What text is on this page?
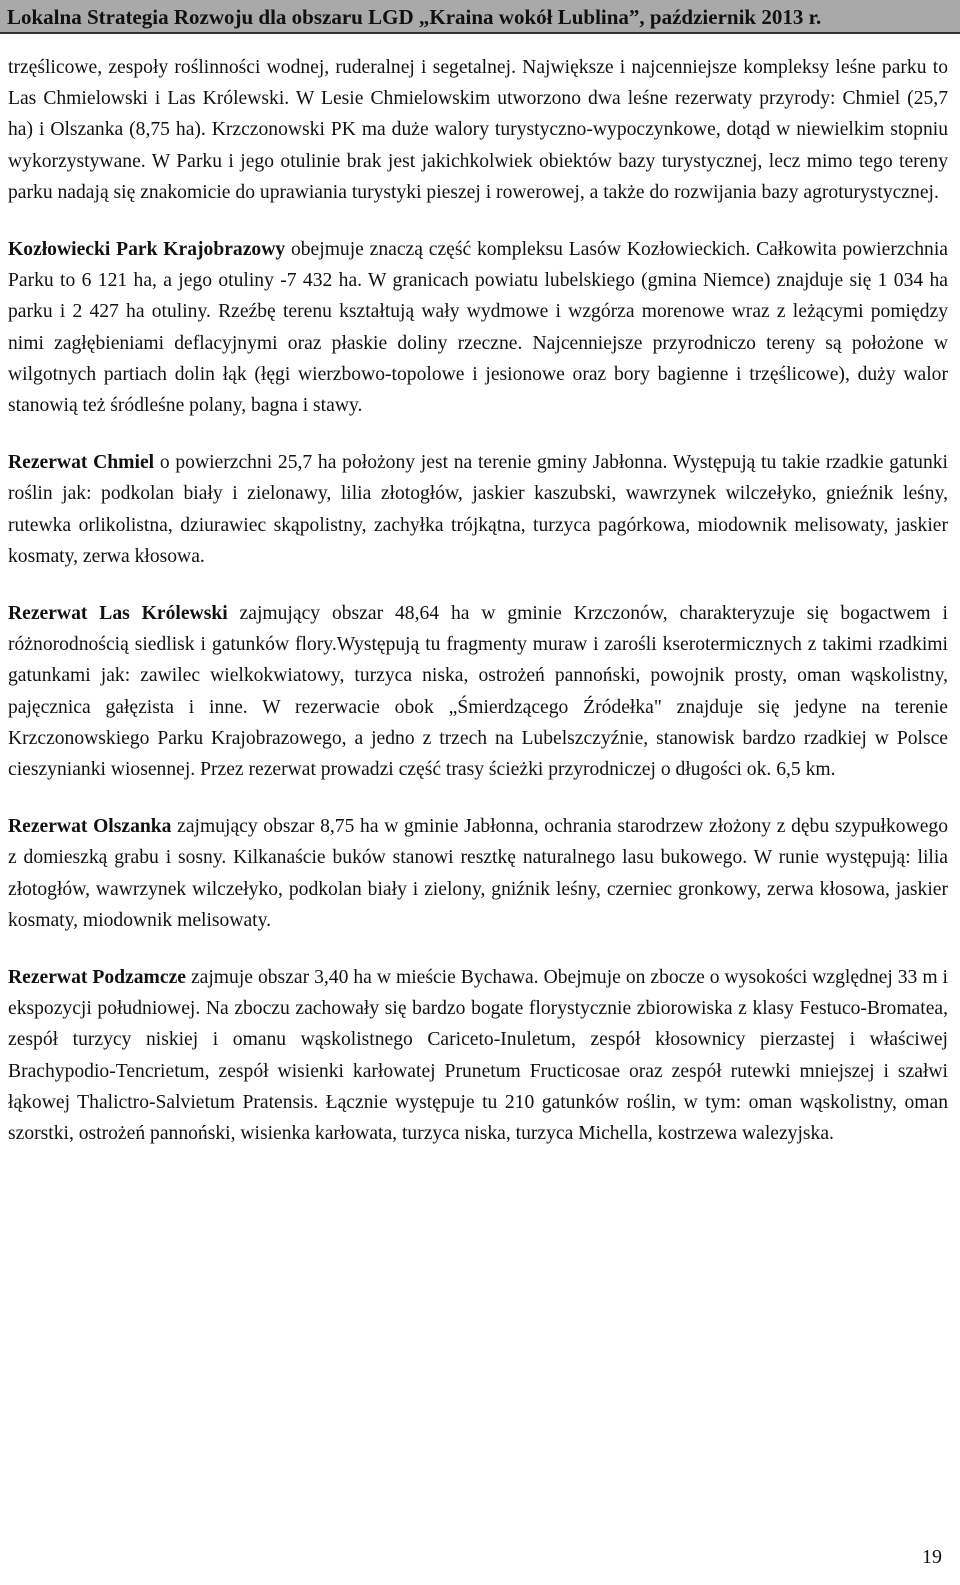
Lokalna Strategia Rozwoju dla obszaru LGD „Kraina wokół Lublina”, październik 2013 r.

trzęślicowe, zespoły roślinności wodnej, ruderalnej i segetalnej. Największe i najcenniejsze kompleksy leśne parku to Las Chmielowski i Las Królewski. W Lesie Chmielowskim utworzono dwa leśne rezerwaty przyrody: Chmiel (25,7 ha) i Olszanka (8,75 ha). Krzczonowski PK ma duże walory turystyczno-wypoczynkowe, dotąd w niewielkim stopniu wykorzystywane. W Parku i jego otulinie brak jest jakichkolwiek obiektów bazy turystycznej, lecz mimo tego tereny parku nadają się znakomicie do uprawiania turystyki pieszej i rowerowej, a także do rozwijania bazy agroturystycznej.

Kozłowiecki Park Krajobrazowy obejmuje znaczą część kompleksu Lasów Kozłowieckich. Całkowita powierzchnia Parku to 6 121 ha, a jego otuliny -7 432 ha. W granicach powiatu lubelskiego (gmina Niemce) znajduje się 1 034 ha parku i 2 427 ha otuliny. Rzeźbę terenu kształtują wały wydmowe i wzgórza morenowe wraz z leżącymi pomiędzy nimi zagłębieniami deflacyjnymi oraz płaskie doliny rzeczne. Najcenniejsze przyrodniczo tereny są położone w wilgotnych partiach dolin łąk (łęgi wierzbowo-topolowe i jesionowe oraz bory bagienne i trzęślicowe), duży walor stanowią też śródleśne polany, bagna i stawy.

Rezerwat Chmiel o powierzchni 25,7 ha położony jest na terenie gminy Jabłonna. Występują tu takie rzadkie gatunki roślin jak: podkolan biały i zielonawy, lilia złotogłów, jaskier kaszubski, wawrzynek wilczełyko, gnieźnik leśny, rutewka orlikolistna, dziurawiec skąpolistny, zachyłka trójkątna, turzyca pagórkowa, miodownik melisowaty, jaskier kosmaty, zerwa kłosowa.

Rezerwat Las Królewski zajmujący obszar 48,64 ha w gminie Krzczonów, charakteryzuje się bogactwem i różnorodnością siedlisk i gatunków flory.Występują tu fragmenty muraw i zarośli kserotermicznych z takimi rzadkimi gatunkami jak: zawilec wielkokwiatowy, turzyca niska, ostrożeń pannoński, powojnik prosty, oman wąskolistny, pajęcznica gałęzista i inne. W rezerwacie obok „Śmierdzącego Źródełka" znajduje się jedyne na terenie Krzczonowskiego Parku Krajobrazowego, a jedno z trzech na Lubelszczyźnie, stanowisk bardzo rzadkiej w Polsce cieszynianki wiosennej. Przez rezerwat prowadzi część trasy ścieżki przyrodniczej o długości ok. 6,5 km.

Rezerwat Olszanka zajmujący obszar 8,75 ha w gminie Jabłonna, ochrania starodrzew złożony z dębu szypułkowego z domieszką grabu i sosny. Kilkanaście buków stanowi resztkę naturalnego lasu bukowego. W runie występują: lilia złotogłów, wawrzynek wilczełyko, podkolan biały i zielony, gniźnik leśny, czerniec gronkowy, zerwa kłosowa, jaskier kosmaty, miodownik melisowaty.

Rezerwat Podzamcze zajmuje obszar 3,40 ha w mieście Bychawa. Obejmuje on zbocze o wysokości względnej 33 m i ekspozycji południowej. Na zboczu zachowały się bardzo bogate florystycznie zbiorowiska z klasy Festuco-Bromatea, zespół turzycy niskiej i omanu wąskolistnego Cariceto-Inuletum, zespół kłosownicy pierzastej i właściwej Brachypodio-Tencrietum, zespół wisienki karłowatej Prunetum Fructicosae oraz zespół rutewki mniejszej i szałwi łąkowej Thalictro-Salvietum Pratensis. Łącznie występuje tu 210 gatunków roślin, w tym: oman wąskolistny, oman szorstki, ostrożeń pannoński, wisienka karłowata, turzyca niska, turzyca Michella, kostrzewa walezyjska.

19
